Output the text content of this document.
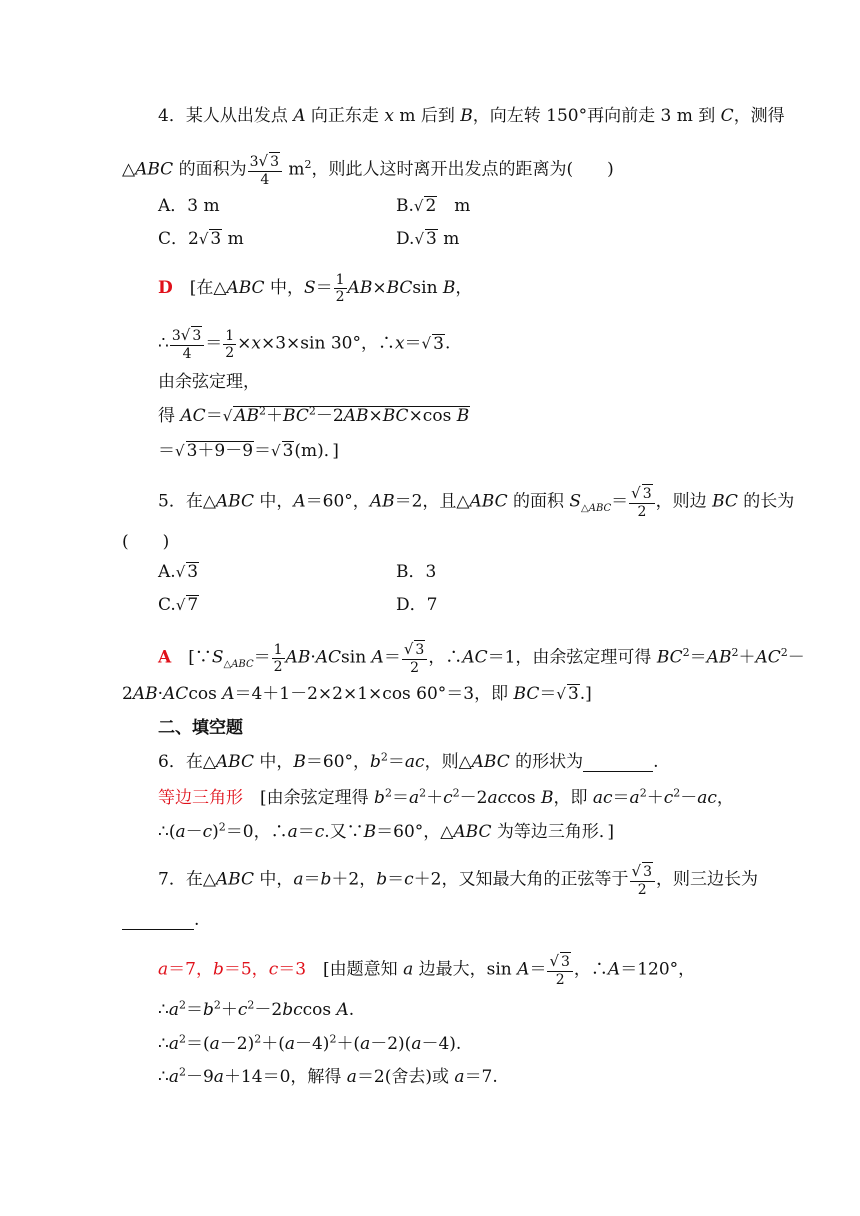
4．某人从出发点 A 向正东走 x m 后到 B，向左转 150°再向前走 3 m 到 C，测得
△ABC 的面积为 $\frac{3√ 3}{4} m^2$，则此人这时离开出发点的距离为(　　)
A．3 m	B.√ 2　m
C．2√ 3 m	D.√ 3 m
D　[在△ABC 中，$S= \frac{1}{2} AB\times BCsin$ B，
∴ $\frac{3√ 3}{4} = \frac{1}{2} \times x\times 3\times\sin$ 30°，∴x＝√ 3.
由余弦定理，
得 AC＝√ $AB^2+BC^2-2AB\times BC\times\cos$ B
＝√ 3＋9－9＝√ 3(m)．]
5．在△ABC 中，A＝60°，AB＝2，且△ABC 的面积 $S_{\triangle ABC}= \frac{√ 3}{2}$ ，则边 BC 的长为
(　　)
A.√ 3	B．3
C.√ 7	D．7
A　[$\because S_{\triangle ABC}= \frac{1}{2} AB\cdot ACsin$ $A= \frac{√ 3}{2}$ ，∴AC＝1，由余弦定理可得 $BC^2=AB^2+AC^2-$
2AB·ACcos A＝4＋1－2×2×1×cos 60°＝3，即 BC＝√ 3.]
二、填空题
6．在△ABC 中，B＝60°，$b^2=ac$，则△ABC 的形状为	.
等边三角形　[由余弦定理得 $b^2=a^2+c^2-2accos$ B，即 $ac=a^2+c^2-ac$，
$\therefore(a-c)^2=0$，∴a＝c.又∵B＝60°，△ABC 为等边三角形．]
7．在△ABC 中，a＝b＋2，b＝c＋2，又知最大角的正弦等于 $\frac{√ 3}{2}$ ，则三边长为
.
a＝7，b＝5，c＝3　[由题意知 a 边最大，$\sin A= \frac{√ 3}{2}$ ，∴A＝120°，
$\therefore a^2=b^2+c^2-2bccos$ A.
$\therefore a^2=(a-2)^2+(a-4)^2+(a-2)(a-4)$.
$\therefore a^2-9a+14=0$，解得 a＝2(舍去)或 a＝7.
